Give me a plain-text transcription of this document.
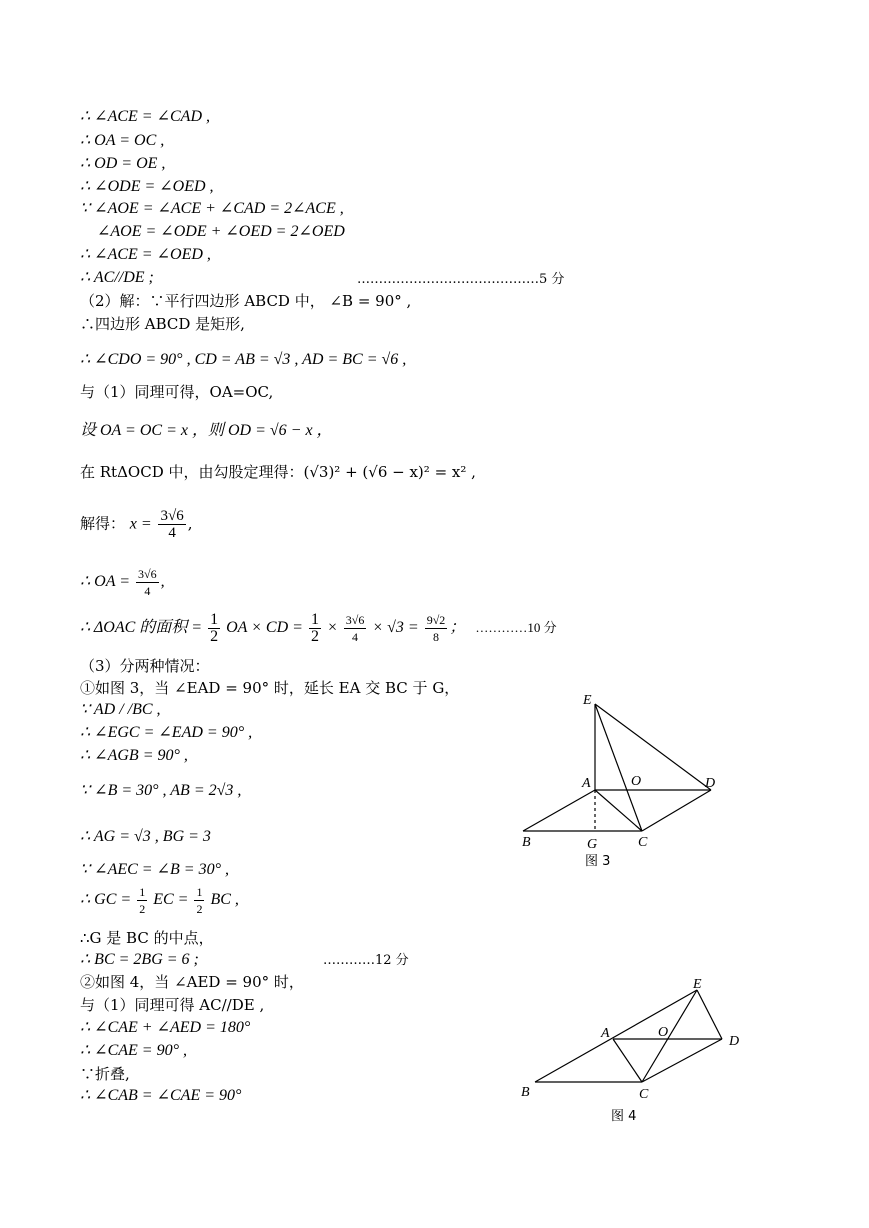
∴ ∠ACE = ∠CAD ,
∴ OA = OC ,
∴ OD = OE ,
∴ ∠ODE = ∠OED ,
∵ ∠AOE = ∠ACE + ∠CAD = 2∠ACE ,
∠AOE = ∠ODE + ∠OED = 2∠OED
∴ ∠ACE = ∠OED ,
∴ AC//DE ;	……………………………………5 分
（2）解：∵平行四边形 ABCD 中， ∠B = 90° ,
∴四边形 ABCD 是矩形,
∴ ∠CDO = 90° , CD = AB = √3 , AD = BC = √6 ,
与（1）同理可得，OA=OC,
设 OA = OC = x ，则 OD = √6 − x ，
在 RtΔOCD 中，由勾股定理得：(√3)² + (√6 − x)² = x² ,
解得： $x = \frac{3√6}{4}$ ,
∴ OA = $\frac{3√6}{4}$ ,
∴ ΔOAC 的面积 = $\frac{1}{2}$ OA × CD = $\frac{1}{2} \times \frac{3√6}{4} \times √3 = \frac{9√2}{8}$ ； …………10 分
（3）分两种情况：
①如图 3，当 ∠EAD = 90° 时，延长 EA 交 BC 于 G，
∵ AD / /BC ,
∴ ∠EGC = ∠EAD = 90° ,
∴ ∠AGB = 90° ,
∵ ∠B = 30° , AB = 2√3 ,
∴ AG = √3 , BG = 3
∵ ∠AEC = ∠B = 30° ,
∴ GC = $\frac{1}{2}$ EC = $\frac{1}{2}$ BC ,
∴G 是 BC 的中点，
∴ BC = 2BG = 6 ;	…………12 分
②如图 4，当 ∠AED = 90° 时，
与（1）同理可得 AC//DE ,
∴ ∠CAE + ∠AED = 180°
∴ ∠CAE = 90° ,
∵折叠,
∴ ∠CAB = ∠CAE = 90°
E
A	O	D
B	G	C
图 3
E
A	O
D
B	C
图 4
